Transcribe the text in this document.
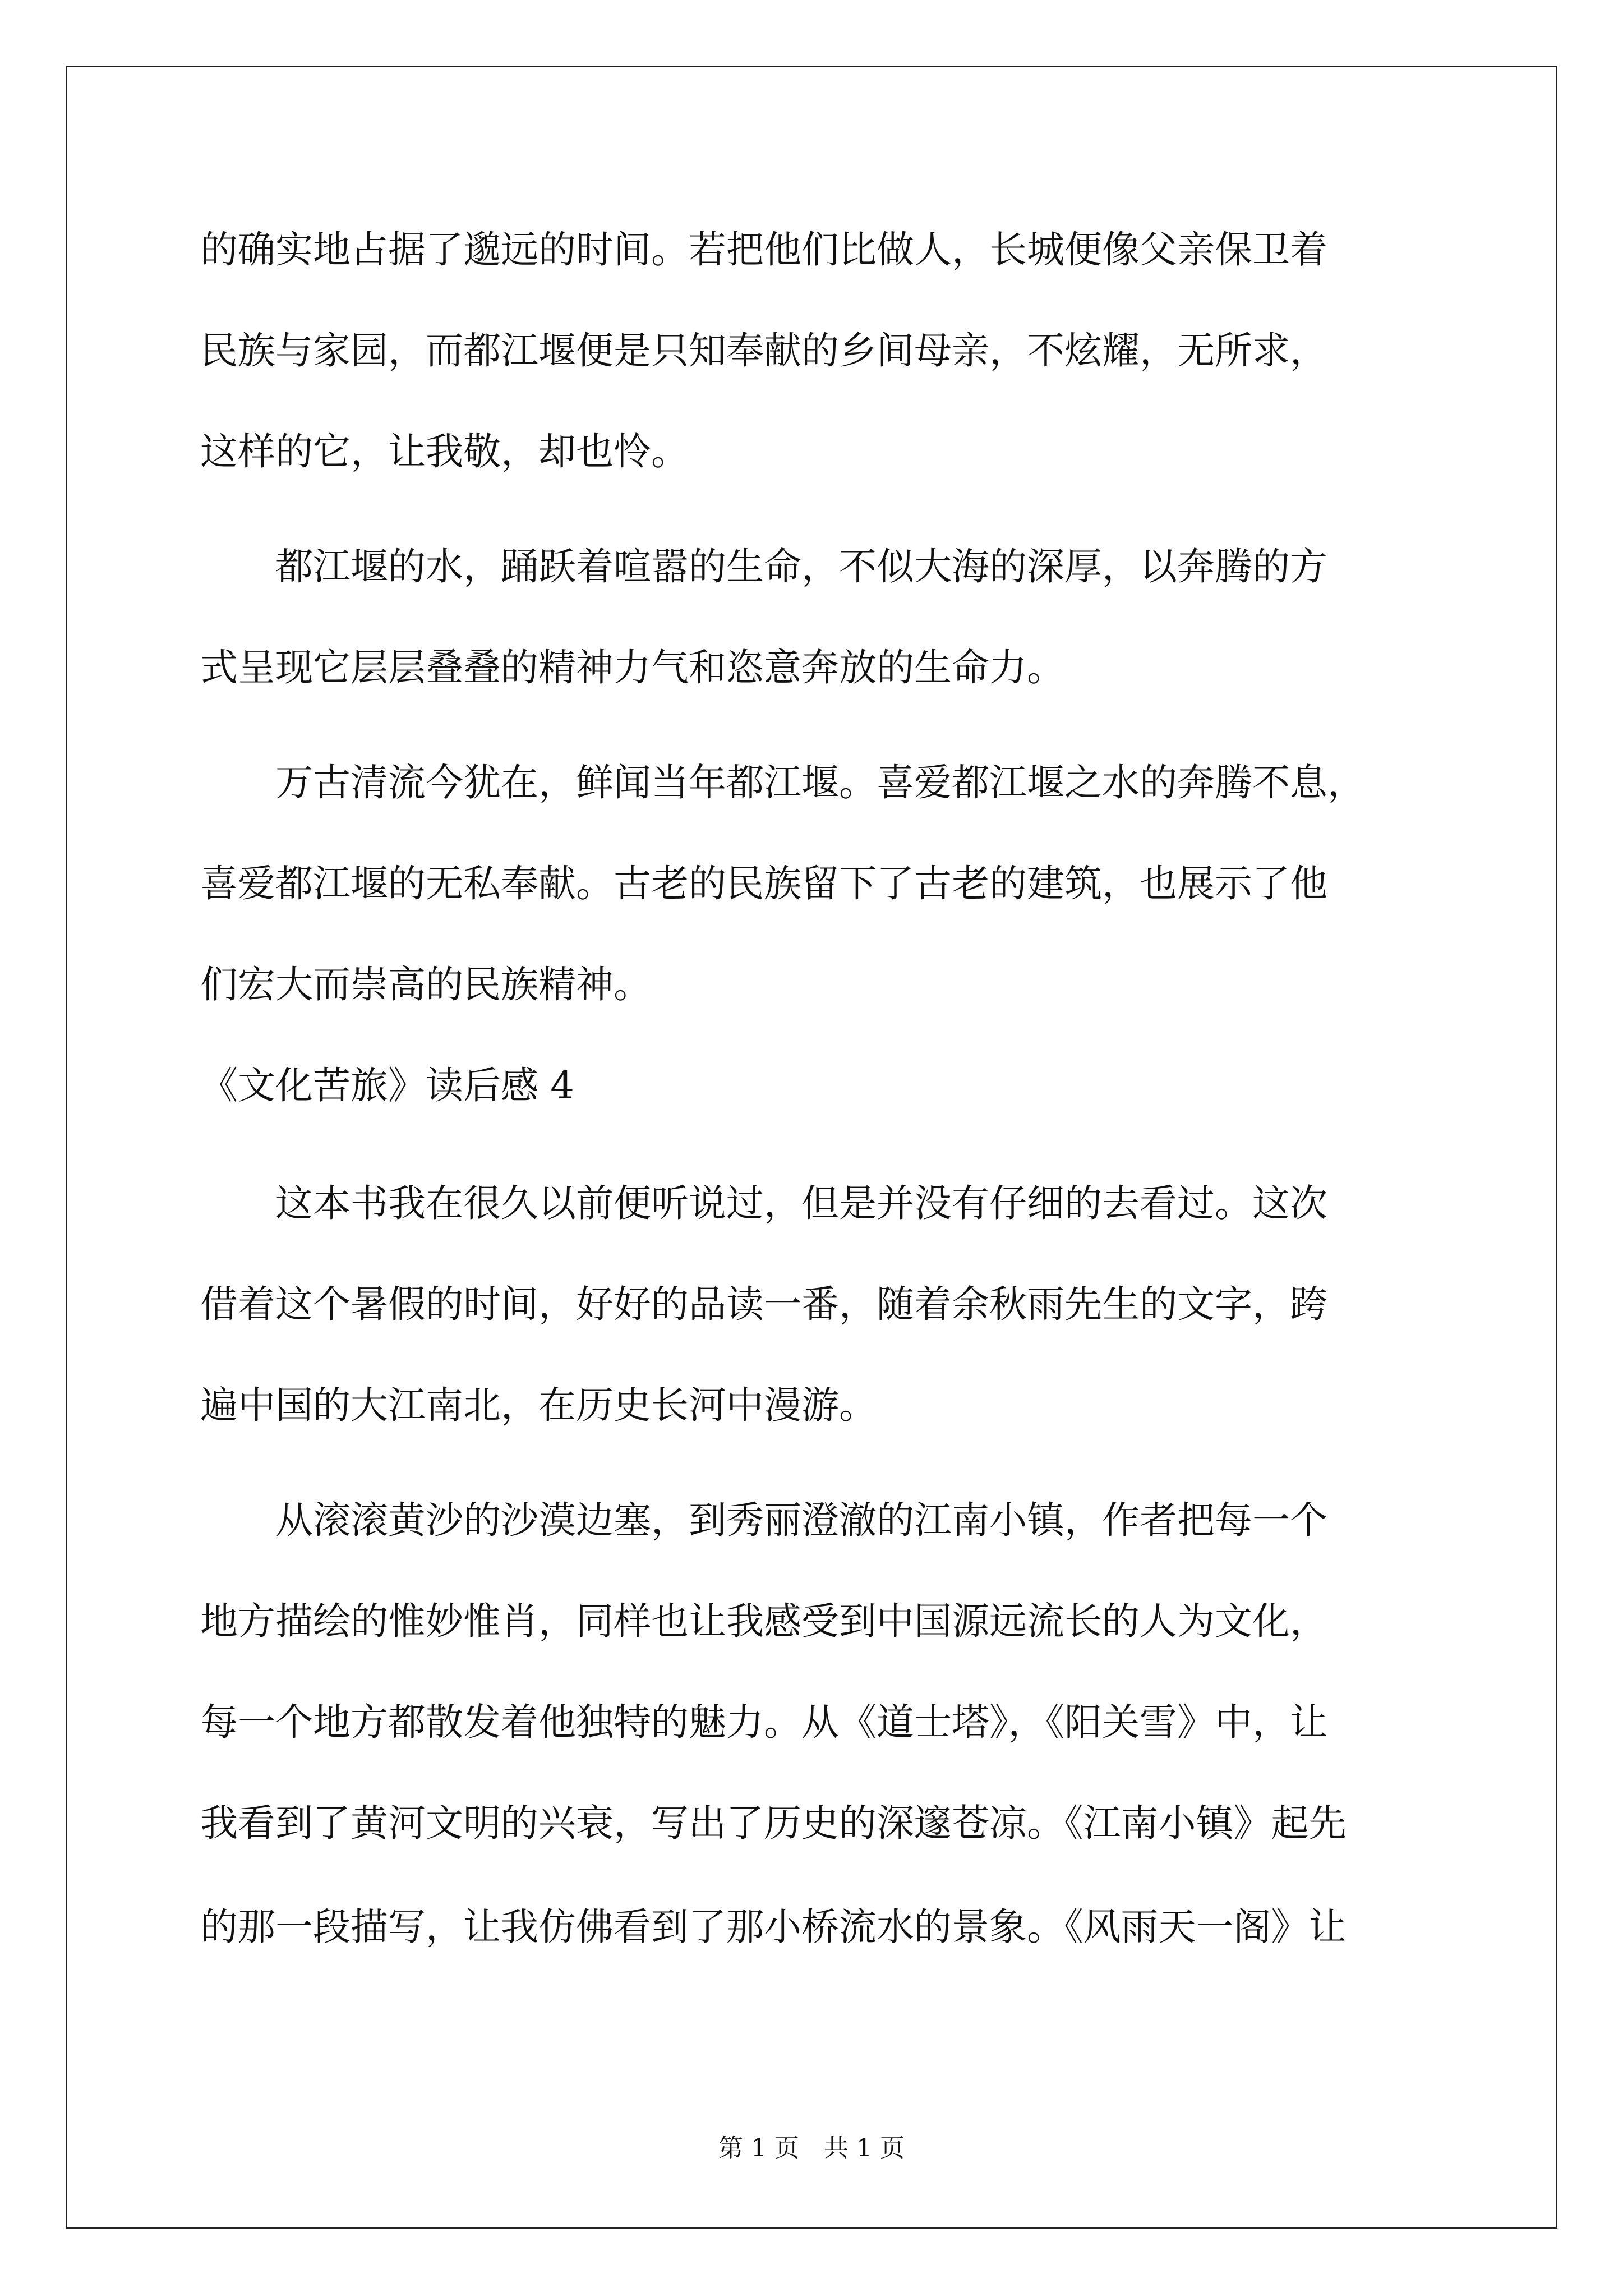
的确实地占据了邈远的时间。若把他们比做人，长城便像父亲保卫着
民族与家园，而都江堰便是只知奉献的乡间母亲，不炫耀，无所求，
这样的它，让我敬，却也怜。
　　都江堰的水，踊跃着喧嚣的生命，不似大海的深厚，以奔腾的方
式呈现它层层叠叠的精神力气和恣意奔放的生命力。
　　万古清流今犹在，鲜闻当年都江堰。喜爱都江堰之水的奔腾不息，
喜爱都江堰的无私奉献。古老的民族留下了古老的建筑，也展示了他
们宏大而崇高的民族精神。
《文化苦旅》读后感 4
　　这本书我在很久以前便听说过，但是并没有仔细的去看过。这次
借着这个暑假的时间，好好的品读一番，随着余秋雨先生的文字，跨
遍中国的大江南北，在历史长河中漫游。
　　从滚滚黄沙的沙漠边塞，到秀丽澄澈的江南小镇，作者把每一个
地方描绘的惟妙惟肖，同样也让我感受到中国源远流长的人为文化，
每一个地方都散发着他独特的魅力。从《道士塔》，《阳关雪》中，让
我看到了黄河文明的兴衰，写出了历史的深邃苍凉。《江南小镇》起先
的那一段描写，让我仿佛看到了那小桥流水的景象。《风雨天一阁》让
第 1 页　共 1 页
